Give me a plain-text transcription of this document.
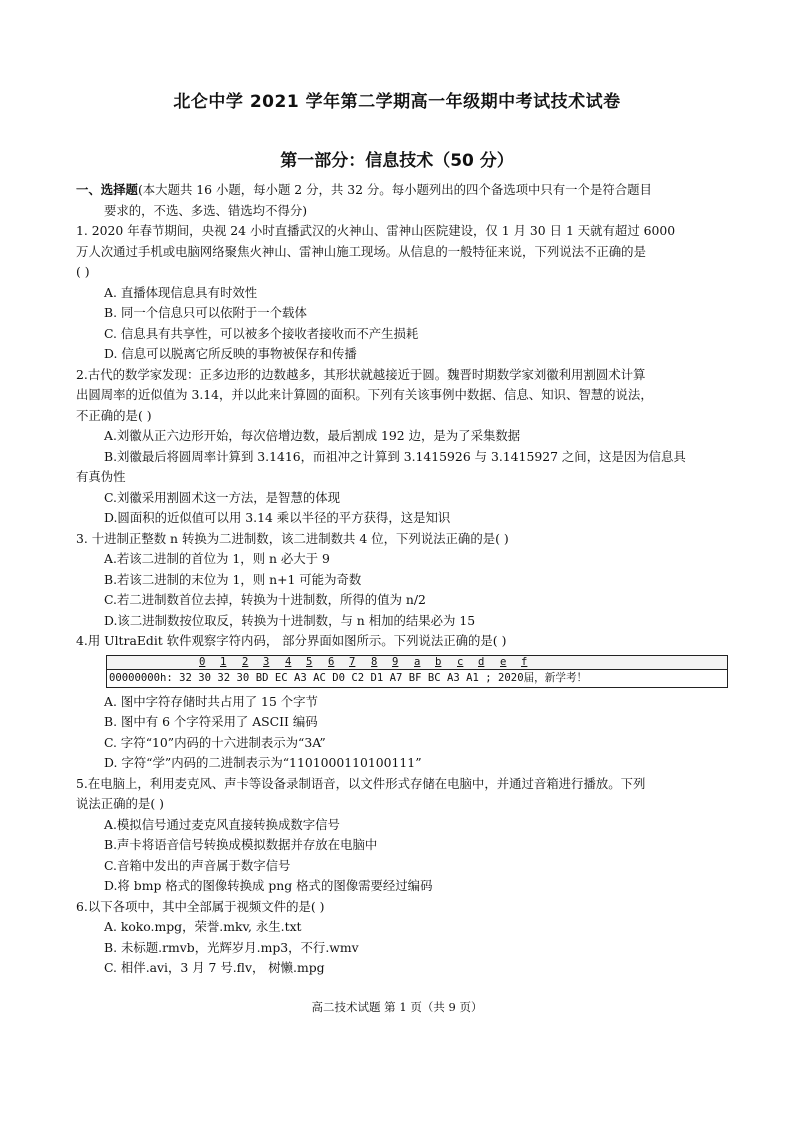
北仑中学 2021 学年第二学期高一年级期中考试技术试卷
第一部分：信息技术（50 分）

一、选择题(本大题共 16 小题，每小题 2 分，共 32 分。每小题列出的四个备选项中只有一个是符合题目

要求的，不选、多选、错选均不得分)

1. 2020 年春节期间，央视 24 小时直播武汉的火神山、雷神山医院建设，仅 1 月 30 日 1 天就有超过 6000

万人次通过手机或电脑网络聚焦火神山、雷神山施工现场。从信息的一般特征来说，下列说法不正确的是

( )

A. 直播体现信息具有时效性

B. 同一个信息只可以依附于一个载体

C. 信息具有共享性，可以被多个接收者接收而不产生损耗

D. 信息可以脱离它所反映的事物被保存和传播

2.古代的数学家发现：正多边形的边数越多，其形状就越接近于圆。魏晋时期数学家刘徽利用割圆术计算

出圆周率的近似值为 3.14，并以此来计算圆的面积。下列有关该事例中数据、信息、知识、智慧的说法，

不正确的是( )

A.刘徽从正六边形开始，每次倍增边数，最后割成 192 边，是为了采集数据

B.刘徽最后将圆周率计算到 3.1416，而祖冲之计算到 3.1415926 与 3.1415927 之间，这是因为信息具

有真伪性

C.刘徽采用割圆术这一方法，是智慧的体现

D.圆面积的近似值可以用 3.14 乘以半径的平方获得，这是知识

3. 十进制正整数 n 转换为二进制数，该二进制数共 4 位，下列说法正确的是( )

A.若该二进制的首位为 1，则 n 必大于 9

B.若该二进制的末位为 1，则 n+1 可能为奇数

C.若二进制数首位去掉，转换为十进制数，所得的值为 n/2

D.该二进制数按位取反，转换为十进制数，与 n 相加的结果必为 15

4.用 UltraEdit 软件观察字符内码， 部分界面如图所示。下列说法正确的是( )

0 1 2 3 4 5 6 7 8 9 a b c d e f
00000000h: 32 30 32 30 BD EC A3 AC D0 C2 D1 A7 BF BC A3 A1 ; 2020届，新学考！

A. 图中字符存储时共占用了 15 个字节

B. 图中有 6 个字符采用了 ASCII 编码

C. 字符“10”内码的十六进制表示为“3A”

D. 字符“学”内码的二进制表示为“1101000110100111”

5.在电脑上，利用麦克风、声卡等设备录制语音，以文件形式存储在电脑中，并通过音箱进行播放。下列

说法正确的是( )

A.模拟信号通过麦克风直接转换成数字信号

B.声卡将语音信号转换成模拟数据并存放在电脑中

C.音箱中发出的声音属于数字信号

D.将 bmp 格式的图像转换成 png 格式的图像需要经过编码

6.以下各项中，其中全部属于视频文件的是( )

A. koko.mpg，荣誉.mkv, 永生.txt

B. 未标题.rmvb，光辉岁月.mp3，不行.wmv

C. 相伴.avi，3 月 7 号.flv， 树懒.mpg

高二技术试题 第 1 页（共 9 页）
